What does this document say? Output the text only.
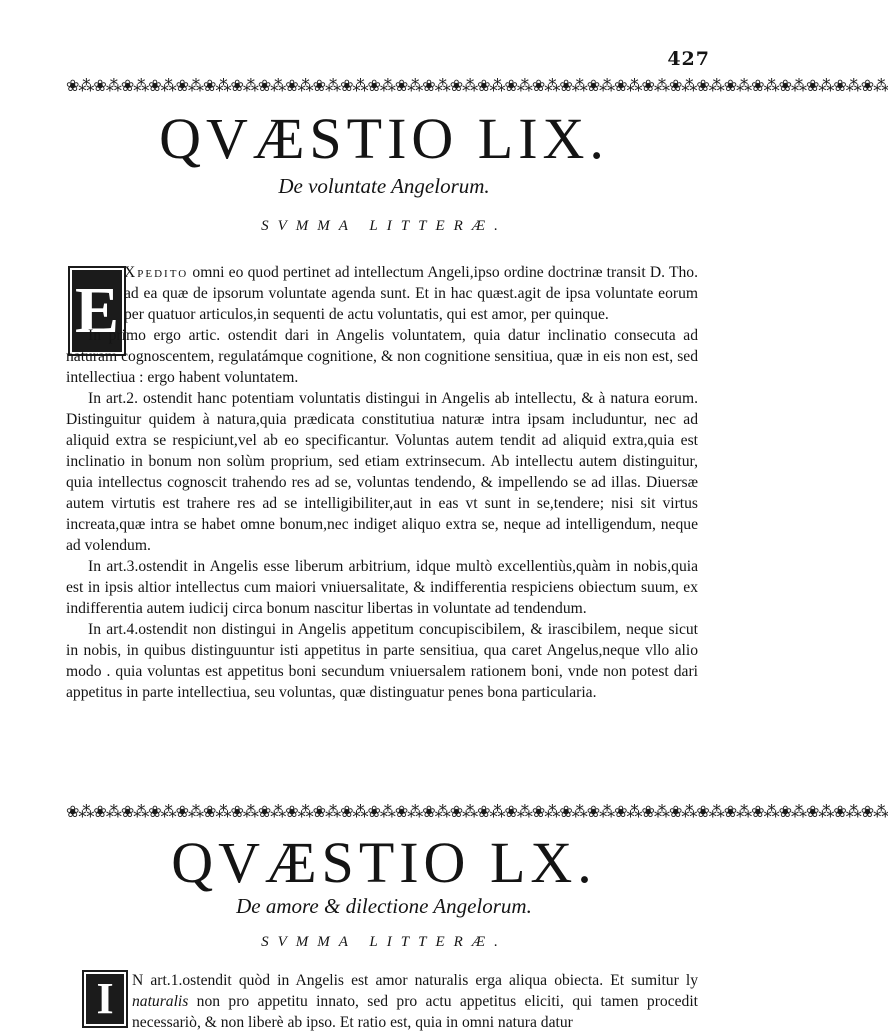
427
❀⁂❀⁂❀⁂❀⁂❀⁂❀⁂❀⁂❀⁂❀⁂❀⁂❀⁂❀⁂❀⁂❀⁂❀⁂❀⁂❀⁂❀⁂❀⁂❀⁂❀⁂❀⁂❀⁂❀⁂❀⁂❀⁂❀⁂❀⁂❀⁂❀⁂
QVÆSTIO LIX.
De voluntate Angelorum.
SVMMA LITTERÆ.
E

Xpedito omni eo quod pertinet ad intellectum Angeli,ipso ordine doctrinæ transit D. Tho. ad ea quæ de ipsorum voluntate agenda sunt. Et in hac quæst.agit de ipsa voluntate eorum per quatuor articulos,in sequenti de actu voluntatis, qui est amor, per quinque.

In primo ergo artic. ostendit dari in Angelis voluntatem, quia datur inclinatio consecuta ad naturam cognoscentem, regulatámque cognitione, & non cognitione sensitiua, quæ in eis non est, sed intellectiua : ergo habent voluntatem.

In art.2. ostendit hanc potentiam voluntatis distingui in Angelis ab intellectu, & à natura eorum. Distinguitur quidem à natura,quia prædicata constitutiua naturæ intra ipsam includuntur, nec ad aliquid extra se respiciunt,vel ab eo specificantur. Voluntas autem tendit ad aliquid extra,quia est inclinatio in bonum non solùm proprium, sed etiam extrinsecum. Ab intellectu autem distinguitur, quia intellectus cognoscit trahendo res ad se, voluntas tendendo, & impellendo se ad illas. Diuersæ autem virtutis est trahere res ad se intelligibiliter,aut in eas vt sunt in se,tendere; nisi sit virtus increata,quæ intra se habet omne bonum,nec indiget aliquo extra se, neque ad intelligendum, neque ad volendum.

In art.3.ostendit in Angelis esse liberum arbitrium, idque multò excellentiùs,quàm in nobis,quia est in ipsis altior intellectus cum maiori vniuersalitate, & indifferentia respiciens obiectum suum, ex indifferentia autem iudicij circa bonum nascitur libertas in voluntate ad tendendum.

In art.4.ostendit non distingui in Angelis appetitum concupiscibilem, & irascibilem, neque sicut in nobis, in quibus distinguuntur isti appetitus in parte sensitiua, qua caret Angelus,neque vllo alio modo . quia voluntas est appetitus boni secundum vniuersalem rationem boni, vnde non potest dari appetitus in parte intellectiua, seu voluntas, quæ distinguatur penes bona particularia.

❀⁂❀⁂❀⁂❀⁂❀⁂❀⁂❀⁂❀⁂❀⁂❀⁂❀⁂❀⁂❀⁂❀⁂❀⁂❀⁂❀⁂❀⁂❀⁂❀⁂❀⁂❀⁂❀⁂❀⁂❀⁂❀⁂❀⁂❀⁂❀⁂❀⁂
QVÆSTIO LX.
De amore & dilectione Angelorum.
SVMMA LITTERÆ.
I	N art.1.ostendit quòd in Angelis est amor naturalis erga aliqua obiecta. Et sumitur ly naturalis non pro appetitu innato, sed pro actu appetitus eliciti, qui tamen procedit necessariò, & non liberè ab ipso. Et ratio est, quia in omni natura datur
